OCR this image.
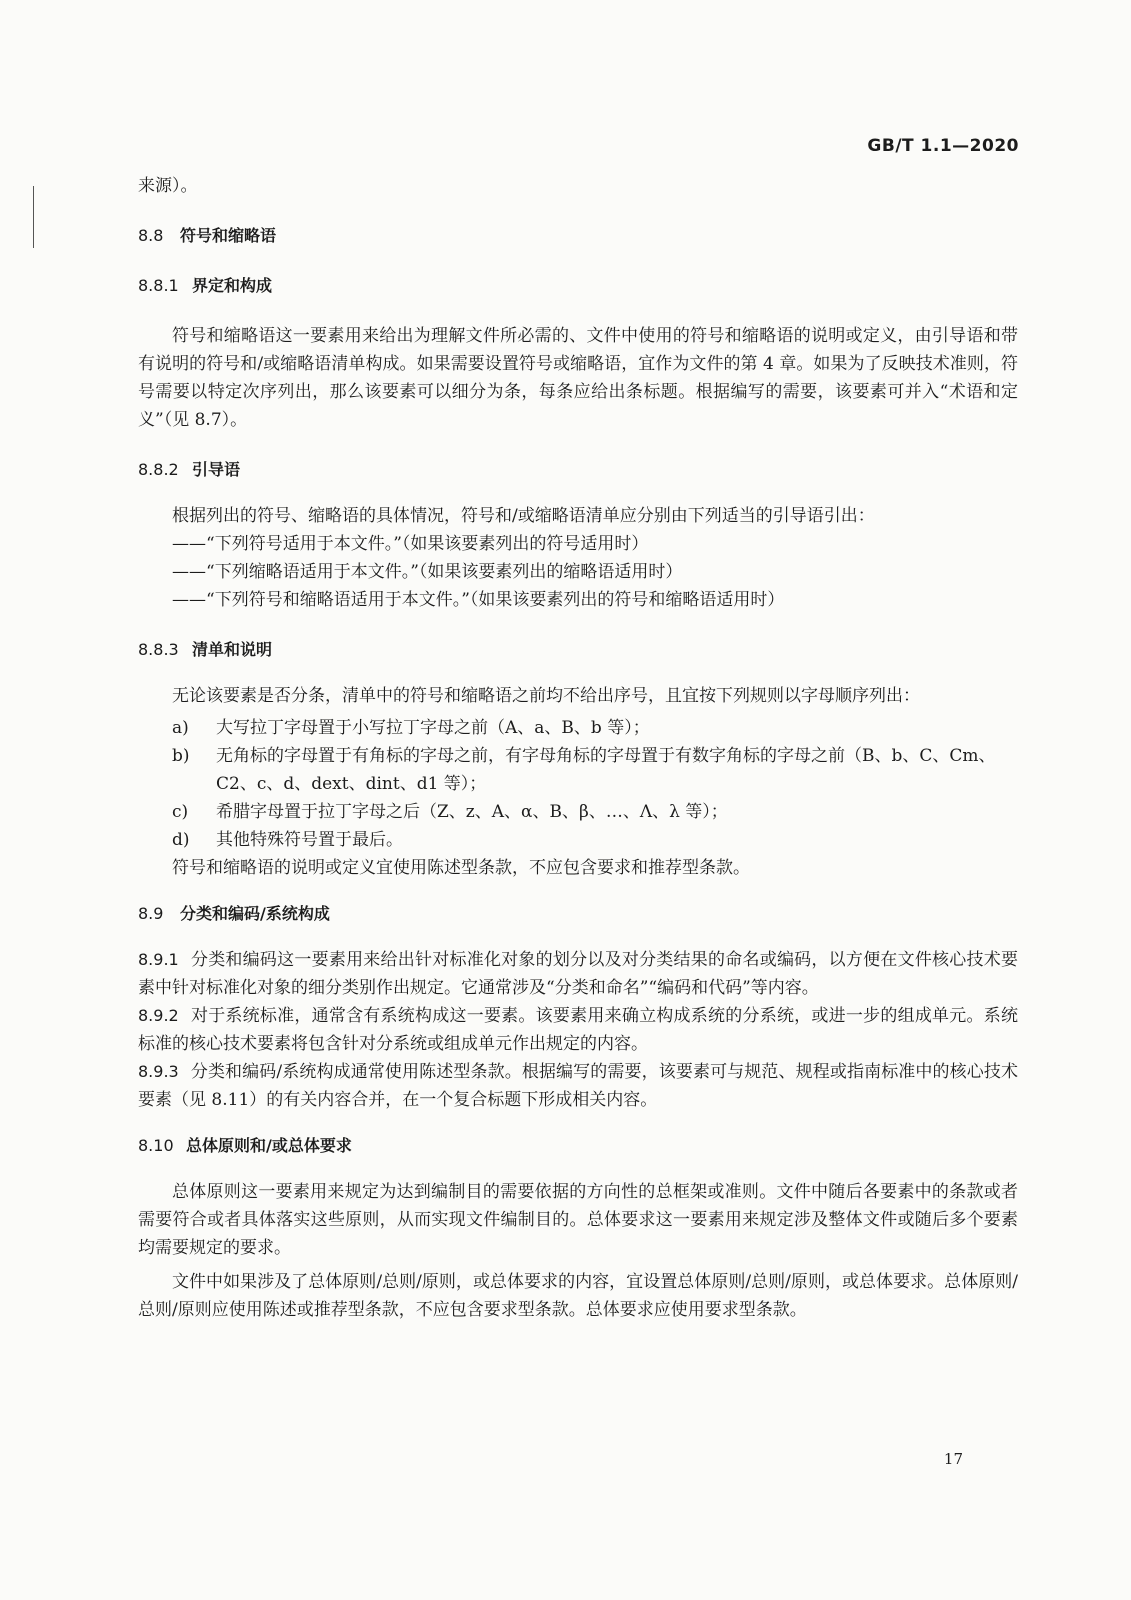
GB/T 1.1—2020

来源）。

8.8 符号和缩略语
8.8.1 界定和构成

符号和缩略语这一要素用来给出为理解文件所必需的、文件中使用的符号和缩略语的说明或定义，由引导语和带有说明的符号和/或缩略语清单构成。如果需要设置符号或缩略语，宜作为文件的第 4 章。如果为了反映技术准则，符号需要以特定次序列出，那么该要素可以细分为条，每条应给出条标题。根据编写的需要，该要素可并入“术语和定义”（见 8.7）。

8.8.2 引导语

根据列出的符号、缩略语的具体情况，符号和/或缩略语清单应分别由下列适当的引导语引出：

——“下列符号适用于本文件。”（如果该要素列出的符号适用时）

——“下列缩略语适用于本文件。”（如果该要素列出的缩略语适用时）

——“下列符号和缩略语适用于本文件。”（如果该要素列出的符号和缩略语适用时）

8.8.3 清单和说明

无论该要素是否分条，清单中的符号和缩略语之前均不给出序号，且宜按下列规则以字母顺序列出：

a)	大写拉丁字母置于小写拉丁字母之前（A、a、B、b 等）；
b)	无角标的字母置于有角标的字母之前，有字母角标的字母置于有数字角标的字母之前（B、b、C、Cm、C2、c、d、dext、dint、d1 等）；
c)	希腊字母置于拉丁字母之后（Z、z、A、α、B、β、…、Λ、λ 等）；
d)	其他特殊符号置于最后。

符号和缩略语的说明或定义宜使用陈述型条款，不应包含要求和推荐型条款。

8.9 分类和编码/系统构成

8.9.1 分类和编码这一要素用来给出针对标准化对象的划分以及对分类结果的命名或编码，以方便在文件核心技术要素中针对标准化对象的细分类别作出规定。它通常涉及“分类和命名”“编码和代码”等内容。

8.9.2 对于系统标准，通常含有系统构成这一要素。该要素用来确立构成系统的分系统，或进一步的组成单元。系统标准的核心技术要素将包含针对分系统或组成单元作出规定的内容。

8.9.3 分类和编码/系统构成通常使用陈述型条款。根据编写的需要，该要素可与规范、规程或指南标准中的核心技术要素（见 8.11）的有关内容合并，在一个复合标题下形成相关内容。

8.10 总体原则和/或总体要求

总体原则这一要素用来规定为达到编制目的需要依据的方向性的总框架或准则。文件中随后各要素中的条款或者需要符合或者具体落实这些原则，从而实现文件编制目的。总体要求这一要素用来规定涉及整体文件或随后多个要素均需要规定的要求。

文件中如果涉及了总体原则/总则/原则，或总体要求的内容，宜设置总体原则/总则/原则，或总体要求。总体原则/总则/原则应使用陈述或推荐型条款，不应包含要求型条款。总体要求应使用要求型条款。

17
